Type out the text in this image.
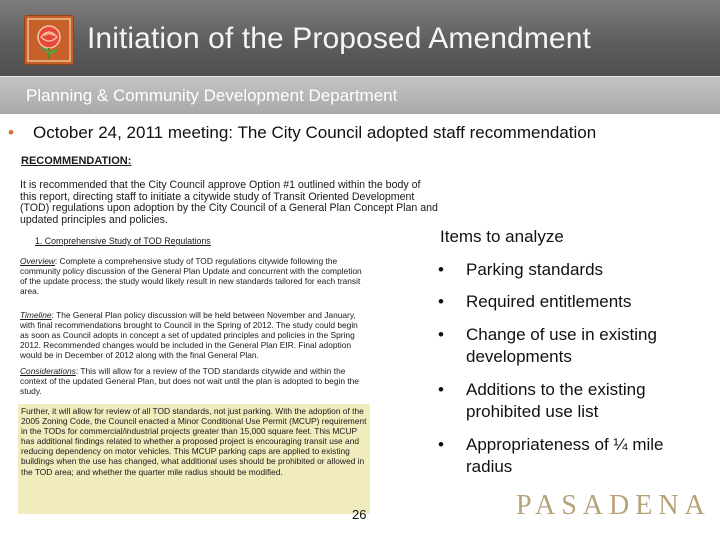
Initiation of the Proposed Amendment
Planning & Community Development Department
• October 24, 2011 meeting: The City Council adopted staff recommendation
RECOMMENDATION:
It is recommended that the City Council approve Option #1 outlined within the body of this report, directing staff to initiate a citywide study of Transit Oriented Development (TOD) regulations upon adoption by the City Council of a General Plan Concept Plan and updated principles and policies.
1. Comprehensive Study of TOD Regulations
Overview: Complete a comprehensive study of TOD regulations citywide following the community policy discussion of the General Plan Update and concurrent with the completion of the update process; the study would likely result in new standards tailored for each transit area.
Timeline: The General Plan policy discussion will be held between November and January, with final recommendations brought to Council in the Spring of 2012. The study could begin as soon as Council adopts in concept a set of updated principles and policies in the Spring 2012. Recommended changes would be included in the General Plan EIR. Final adoption would be in December of 2012 along with the final General Plan.
Considerations: This will allow for a review of the TOD standards citywide and within the context of the updated General Plan, but does not wait until the plan is adopted to begin the study.
Further, it will allow for review of all TOD standards, not just parking. With the adoption of the 2005 Zoning Code, the Council enacted a Minor Conditional Use Permit (MCUP) requirement in the TODs for commercial/industrial projects greater than 15,000 square feet. This MCUP has additional findings related to whether a proposed project is encouraging transit use and reducing dependency on motor vehicles. This MCUP parking caps are applied to existing buildings when the use has changed, what additional uses should be prohibited or allowed in the TOD area; and whether the quarter mile radius should be modified.
Items to analyze
•	Parking standards
•	Required entitlements
•	Change of use in existing developments
•	Additions to the existing prohibited use list
•	Appropriateness of ¼ mile radius
26	PASADENA
